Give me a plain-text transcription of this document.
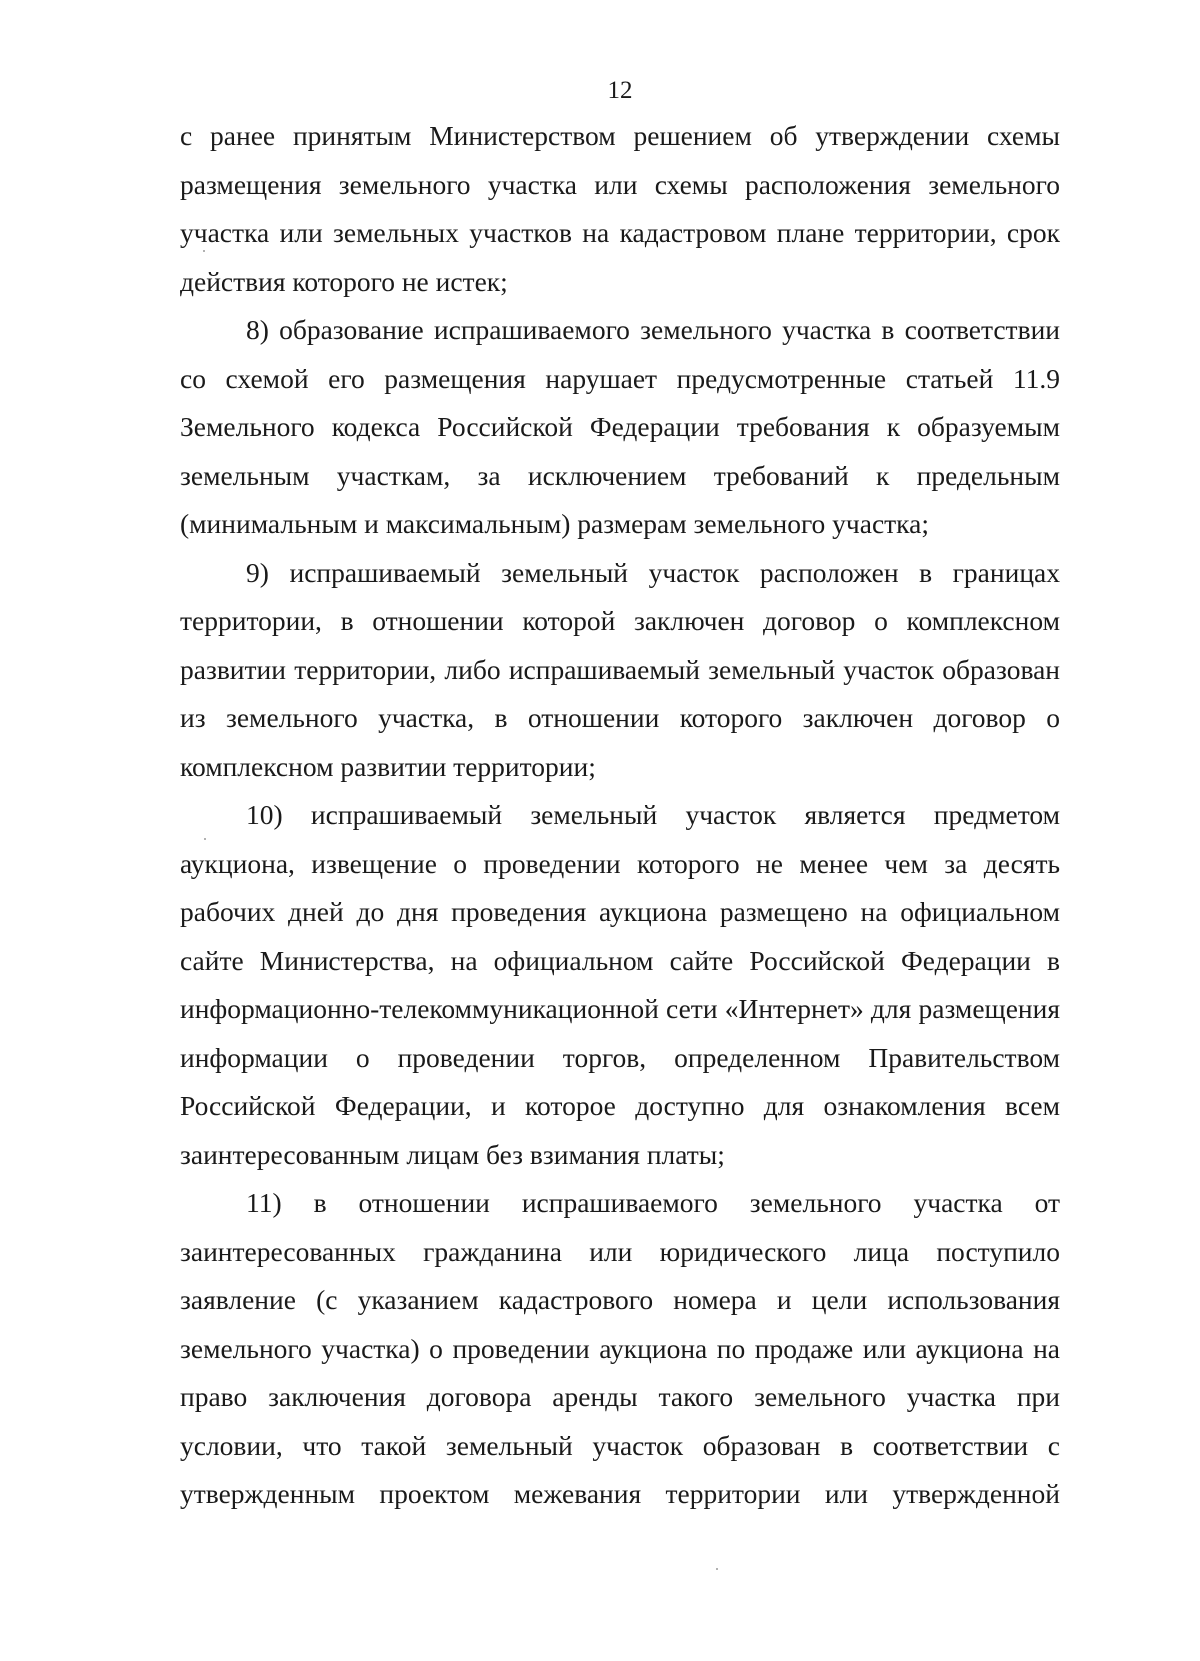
12

с ранее принятым Министерством решением об утверждении схемы размещения земельного участка или схемы расположения земельного участка или земельных участков на кадастровом плане территории, срок действия которого не истек;

8) образование испрашиваемого земельного участка в соответствии со схемой его размещения нарушает предусмотренные статьей 11.9 Земельного кодекса Российской Федерации требования к образуемым земельным участкам, за исключением требований к предельным (минимальным и максимальным) размерам земельного участка;

9) испрашиваемый земельный участок расположен в границах территории, в отношении которой заключен договор о комплексном развитии территории, либо испрашиваемый земельный участок образован из земельного участка, в отношении которого заключен договор о комплексном развитии территории;

10) испрашиваемый земельный участок является предметом аукциона, извещение о проведении которого не менее чем за десять рабочих дней до дня проведения аукциона размещено на официальном сайте Министерства, на официальном сайте Российской Федерации в информационно-телекоммуникационной сети «Интернет» для размещения информации о проведении торгов, определенном Правительством Российской Федерации, и которое доступно для ознакомления всем заинтересованным лицам без взимания платы;

11) в отношении испрашиваемого земельного участка от заинтересованных гражданина или юридического лица поступило заявление (с указанием кадастрового номера и цели использования земельного участка) о проведении аукциона по продаже или аукциона на право заключения договора аренды такого земельного участка при условии, что такой земельный участок образован в соответствии с утвержденным проектом межевания территории или утвержденной
